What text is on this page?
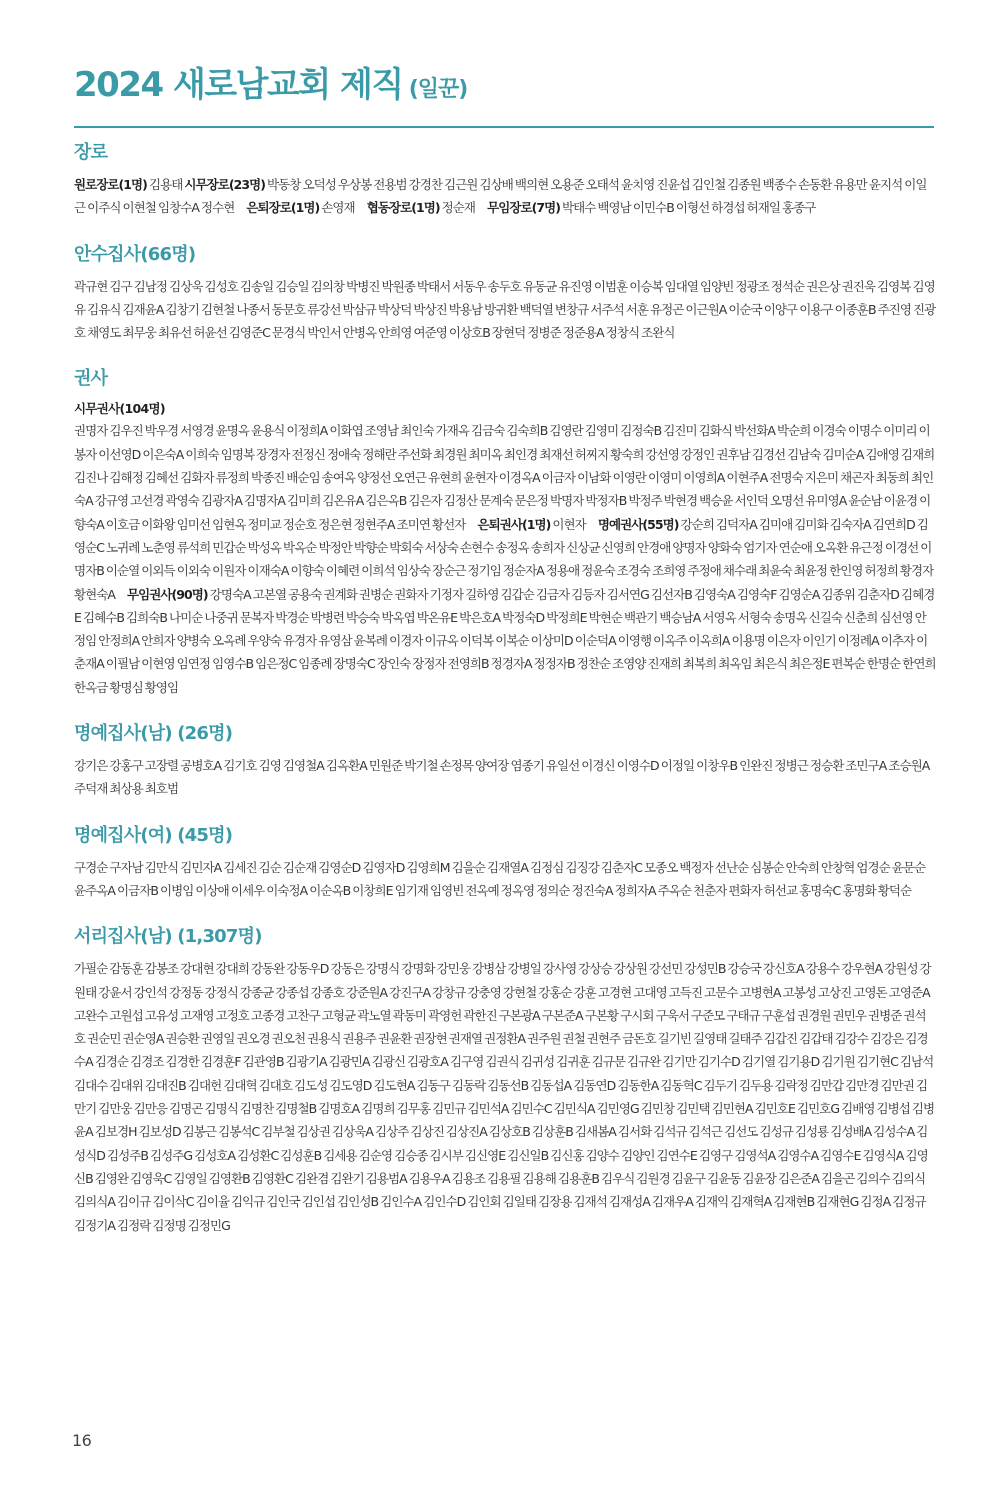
2024 새로남교회 제직 (일꾼)
장로
원로장로(1명) 김용태 시무장로(23명) 박동창 오덕성 우상봉 전용범 강경찬 김근원 김상배 백의현 오용준 오태석 윤치영 진윤섭 김인철 김종원 백종수 손동환 유용만 윤지석 이일근 이주식 이현철 임창수A 정수현 은퇴장로(1명) 손영재 협동장로(1명) 정순재 무임장로(7명) 박태수 백영남 이민수B 이형선 하경섭 허재일 홍종구
안수집사(66명)
곽규현 김구 김남정 김상욱 김성호 김송일 김승일 김의창 박병진 박원종 박태서 서동우 송두호 유동균 유진영 이범훈 이승복 임대열 임양빈 정광조 정석순 권은상 권진욱 김영복 김영유 김유식 김재윤A 김창기 김현철 나종서 동문호 류강선 박삼규 박상덕 박상진 박용남 방귀환 백덕열 변창규 서주석 서훈 유정곤 이근원A 이순국 이양구 이용구 이종훈B 주진영 진광호 채영도 최무웅 최유선 허윤선 김영준C 문경식 박인서 안병옥 안희영 여준영 이상호B 장현덕 정병준 정준용A 정창식 조완식
권사
시무권사(104명)
권명자 김우진 박우경 서영경 윤명옥 윤용식 이정희A 이화엽 조영남 최인숙 가재옥 김금숙 김숙희B 김영란 김영미 김정숙B 김진미 김화식 박선화A 박순희 이경숙 이명수 이미리 이봉자 이선영D 이은숙A 이희숙 임명복 장경자 전정신 정애숙 정해란 주선화 최경원 최미옥 최인경 최재선 허찌지 황숙희 강선영 강정인 권후남 김경선 김남숙 김미순A 김애영 김재희 김진나 김해정 김혜선 김화자 류정희 박종진 배순임 송여옥 양정선 오연근 유현희 윤현자 이경옥A 이금자 이남화 이영란 이영미 이영희A 이현주A 전명숙 지은미 채곤자 최동희 최인숙A 강규영 고선경 곽영숙 김광자A 김명자A 김미희 김온유A 김은옥B 김은자 김정산 문계숙 문은정 박명자 박정자B 박정주 박현경 백승윤 서인덕 오명선 유미영A 윤순남 이윤경 이향숙A 이호금 이화왕 임미선 임현옥 정미교 정순호 정은현 정현주A 조미연 황선자 은퇴권사(1명) 이현자 명예권사(55명) 강순희 김덕자A 김미애 김미화 김숙자A 김연희D 김영순C 노귀례 노춘영 류석희 민갑순 박성옥 박옥순 박정안 박향순 박회숙 서상숙 손현수 송정옥 송희자 신상균 신영희 안경애 양명자 양화숙 엄기자 연순애 오옥환 유근정 이경선 이명자B 이순열 이외득 이외숙 이원자 이재숙A 이향숙 이혜련 이희석 임상숙 장순근 정기임 정순자A 정용애 정윤숙 조경숙 조희영 주정애 채수래 최윤숙 최윤정 한인영 허정희 황경자 황현숙A 무임권사(90명) 강명숙A 고본열 공용숙 권계화 권병순 권화자 기정자 길하영 김갑순 김금자 김등자 김서연G 김선자B 김영숙A 김영숙F 김영순A 김종위 김춘자D 김혜경E 김혜수B 김희숙B 나미순 나중귀 문복자 박경순 박병련 박승숙 박옥엽 박온유E 박은호A 박정숙D 박정희E 박현순 백관기 백승남A 서영옥 서형숙 송명옥 신길숙 신춘희 심선영 안정임 안정희A 안희자 양병숙 오옥례 우양숙 유경자 유영삼 윤복례 이경자 이규옥 이덕복 이복순 이상미D 이순덕A 이영행 이옥주 이옥희A 이용명 이은자 이인기 이정례A 이추자 이춘재A 이필남 이현영 임연정 임영수B 임은정C 임종례 장명숙C 장인숙 장정자 전영희B 정경자A 정정자B 정찬순 조영양 진재희 최복희 최옥임 최은식 최은정E 편복순 한명순 한연희 한옥금 황명심 황영임
명예집사(남) (26명)
강기은 강홍구 고장렬 공병호A 김기호 김영 김영철A 김옥환A 민원준 박기철 손정목 양여장 염종기 유일선 이경신 이영수D 이정일 이창우B 인완진 정병근 정승환 조민구A 조승원A 주덕재 최상용 최호범
명예집사(여) (45명)
구경순 구자남 김만식 김민자A 김세진 김순 김순재 김영순D 김영자D 김영희M 김을순 김재열A 김정심 김징강 김춘자C 모종오 백정자 선난순 심봉순 안숙희 안창혁 엄경순 윤문순 윤주옥A 이금자B 이병임 이상애 이세우 이숙정A 이순옥B 이창희E 임기재 임영빈 전옥예 정옥영 정의순 정진숙A 정희자A 주옥순 천춘자 편화자 허선교 홍명숙C 홍명화 황덕순
서리집사(남) (1,307명)
가필순 감동훈 감봉조 강대현 강대희 강동완 강동우D 강동은 강명식 강명화 강민웅 강병삼 강병일 강사영 강상승 강상원 강선민 강성민B 강승국 강신호A 강용수 강우현A 강원성 강원태 강윤서 강인석 강정동 강정식 강종균 강종섭 강종호 강준원A 강진구A 강창규 강충영 강현철 강홍순 강훈 고경현 고대영 고득진 고문수 고병현A 고봉성 고상진 고영돈 고영준A 고완수 고원섭 고유성 고재영 고정호 고종경 고찬구 고형균 곽노열 곽동미 곽영헌 곽한진 구본광A 구본준A 구본황 구시회 구욱서 구준모 구태규 구훈섭 권경원 권민우 권병준 권석호 권순민 권순영A 권승환 권영일 권오경 권오천 권용식 권용주 권윤환 권장현 권재열 권정환A 권주원 권철 권현주 금돈호 길기빈 길영태 길태주 김갑진 김갑태 김강수 김강은 김경수A 김경순 김경조 김경한 김경훈F 김관영B 김광기A 김광민A 김광신 김광호A 김구영 김권식 김귀성 김귀훈 김규문 김규완 김기만 김기수D 김기열 김기용D 김기원 김기현C 김남석 김대수 김대위 김대진B 김대헌 김대혁 김대호 김도성 김도영D 김도현A 김동구 김동락 김동선B 김동섭A 김동연D 김동한A 김동혁C 김두기 김두용 김락정 김만갑 김만경 김만권 김만기 김만웅 김만응 김명곤 김명식 김명찬 김명철B 김명호A 김명희 김무홍 김민규 김민석A 김민수C 김민식A 김민영G 김민창 김민택 김민현A 김민호E 김민호G 김배영 김병섭 김병윤A 김보경H 김보성D 김봉근 김봉석C 김부철 김상권 김상욱A 김상주 김상진 김상진A 김상호B 김상훈B 김새봄A 김서화 김석규 김석근 김선도 김성규 김성룡 김성배A 김성수A 김성식D 김성주B 김성주G 김성호A 김성환C 김성훈B 김세용 김순영 김승종 김시부 김신영E 김신일B 김신홍 김양수 김양인 김연수E 김영구 김영석A 김영수A 김영수E 김영식A 김영신B 김영완 김영욱C 김영일 김영환B 김영환C 김완겸 김완기 김용범A 김용우A 김용조 김용필 김용해 김용훈B 김우식 김원경 김윤구 김윤동 김윤장 김은준A 김을곤 김의수 김의식 김의식A 김이규 김이삭C 김이율 김익규 김인국 김인섭 김인성B 김인수A 김인수D 김인회 김일태 김장용 김재석 김재성A 김재우A 김재익 김재혁A 김재현B 김재현G 김정A 김정규 김정기A 김정락 김정명 김정민G
16
